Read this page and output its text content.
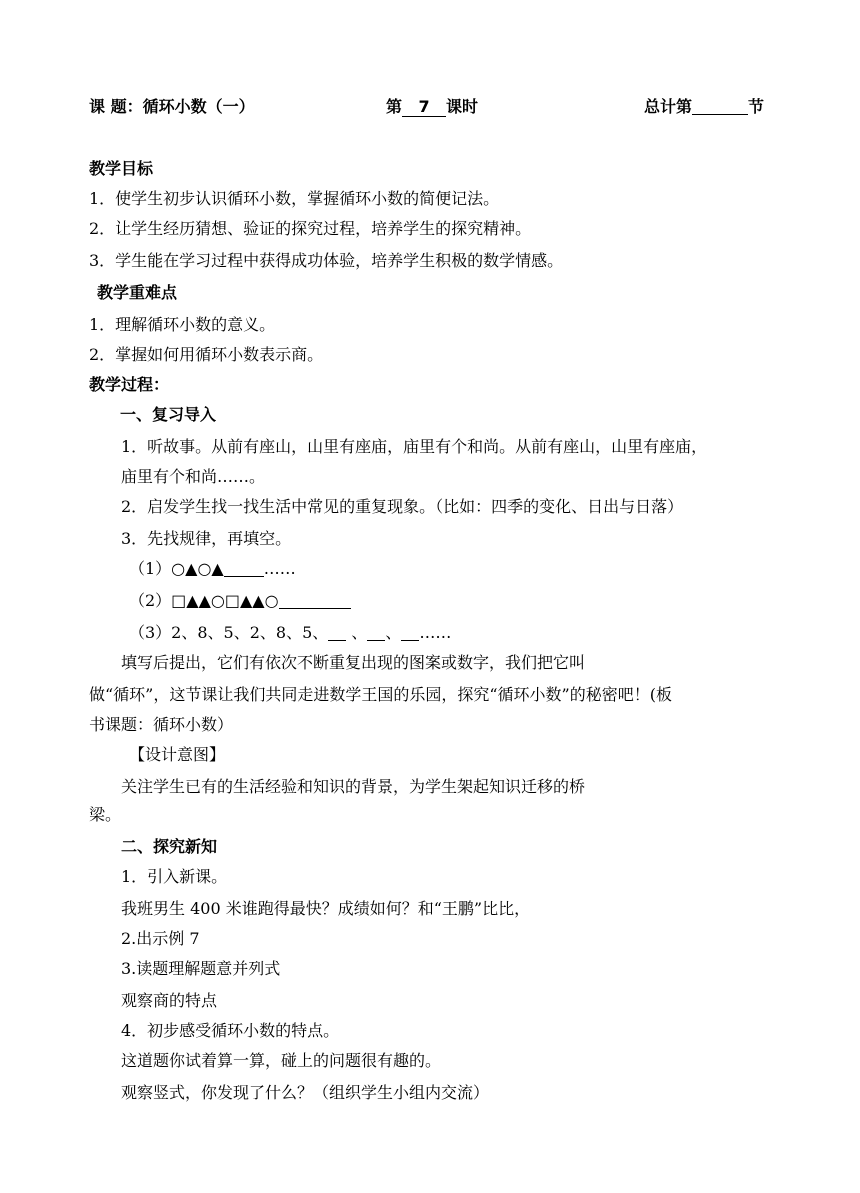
课 题：循环小数（一）	第 7 课时	总计第	节
教学目标
1．使学生初步认识循环小数，掌握循环小数的简便记法。
2．让学生经历猜想、验证的探究过程，培养学生的探究精神。
3．学生能在学习过程中获得成功体验，培养学生积极的数学情感。
教学重难点
1．理解循环小数的意义。
2．掌握如何用循环小数表示商。
教学过程：
一、复习导入
1．听故事。从前有座山，山里有座庙，庙里有个和尚。从前有座山，山里有座庙，
庙里有个和尚……。
2．启发学生找一找生活中常见的重复现象。（比如：四季的变化、日出与日落）
3．先找规律，再填空。
（1）○▲○▲	……
（2）□▲▲○□▲▲○
（3）2、8、5、2、8、5、 、 、 ……
填写后提出，它们有依次不断重复出现的图案或数字，我们把它叫
做“循环”，这节课让我们共同走进数学王国的乐园，探究“循环小数”的秘密吧！(板
书课题：循环小数）
【设计意图】
关注学生已有的生活经验和知识的背景，为学生架起知识迁移的桥
梁。
二、探究新知
1．引入新课。
我班男生 400 米谁跑得最快？成绩如何？和“王鹏”比比，
2.出示例 7
3.读题理解题意并列式
观察商的特点
4．初步感受循环小数的特点。
这道题你试着算一算，碰上的问题很有趣的。
观察竖式，你发现了什么？（组织学生小组内交流）
